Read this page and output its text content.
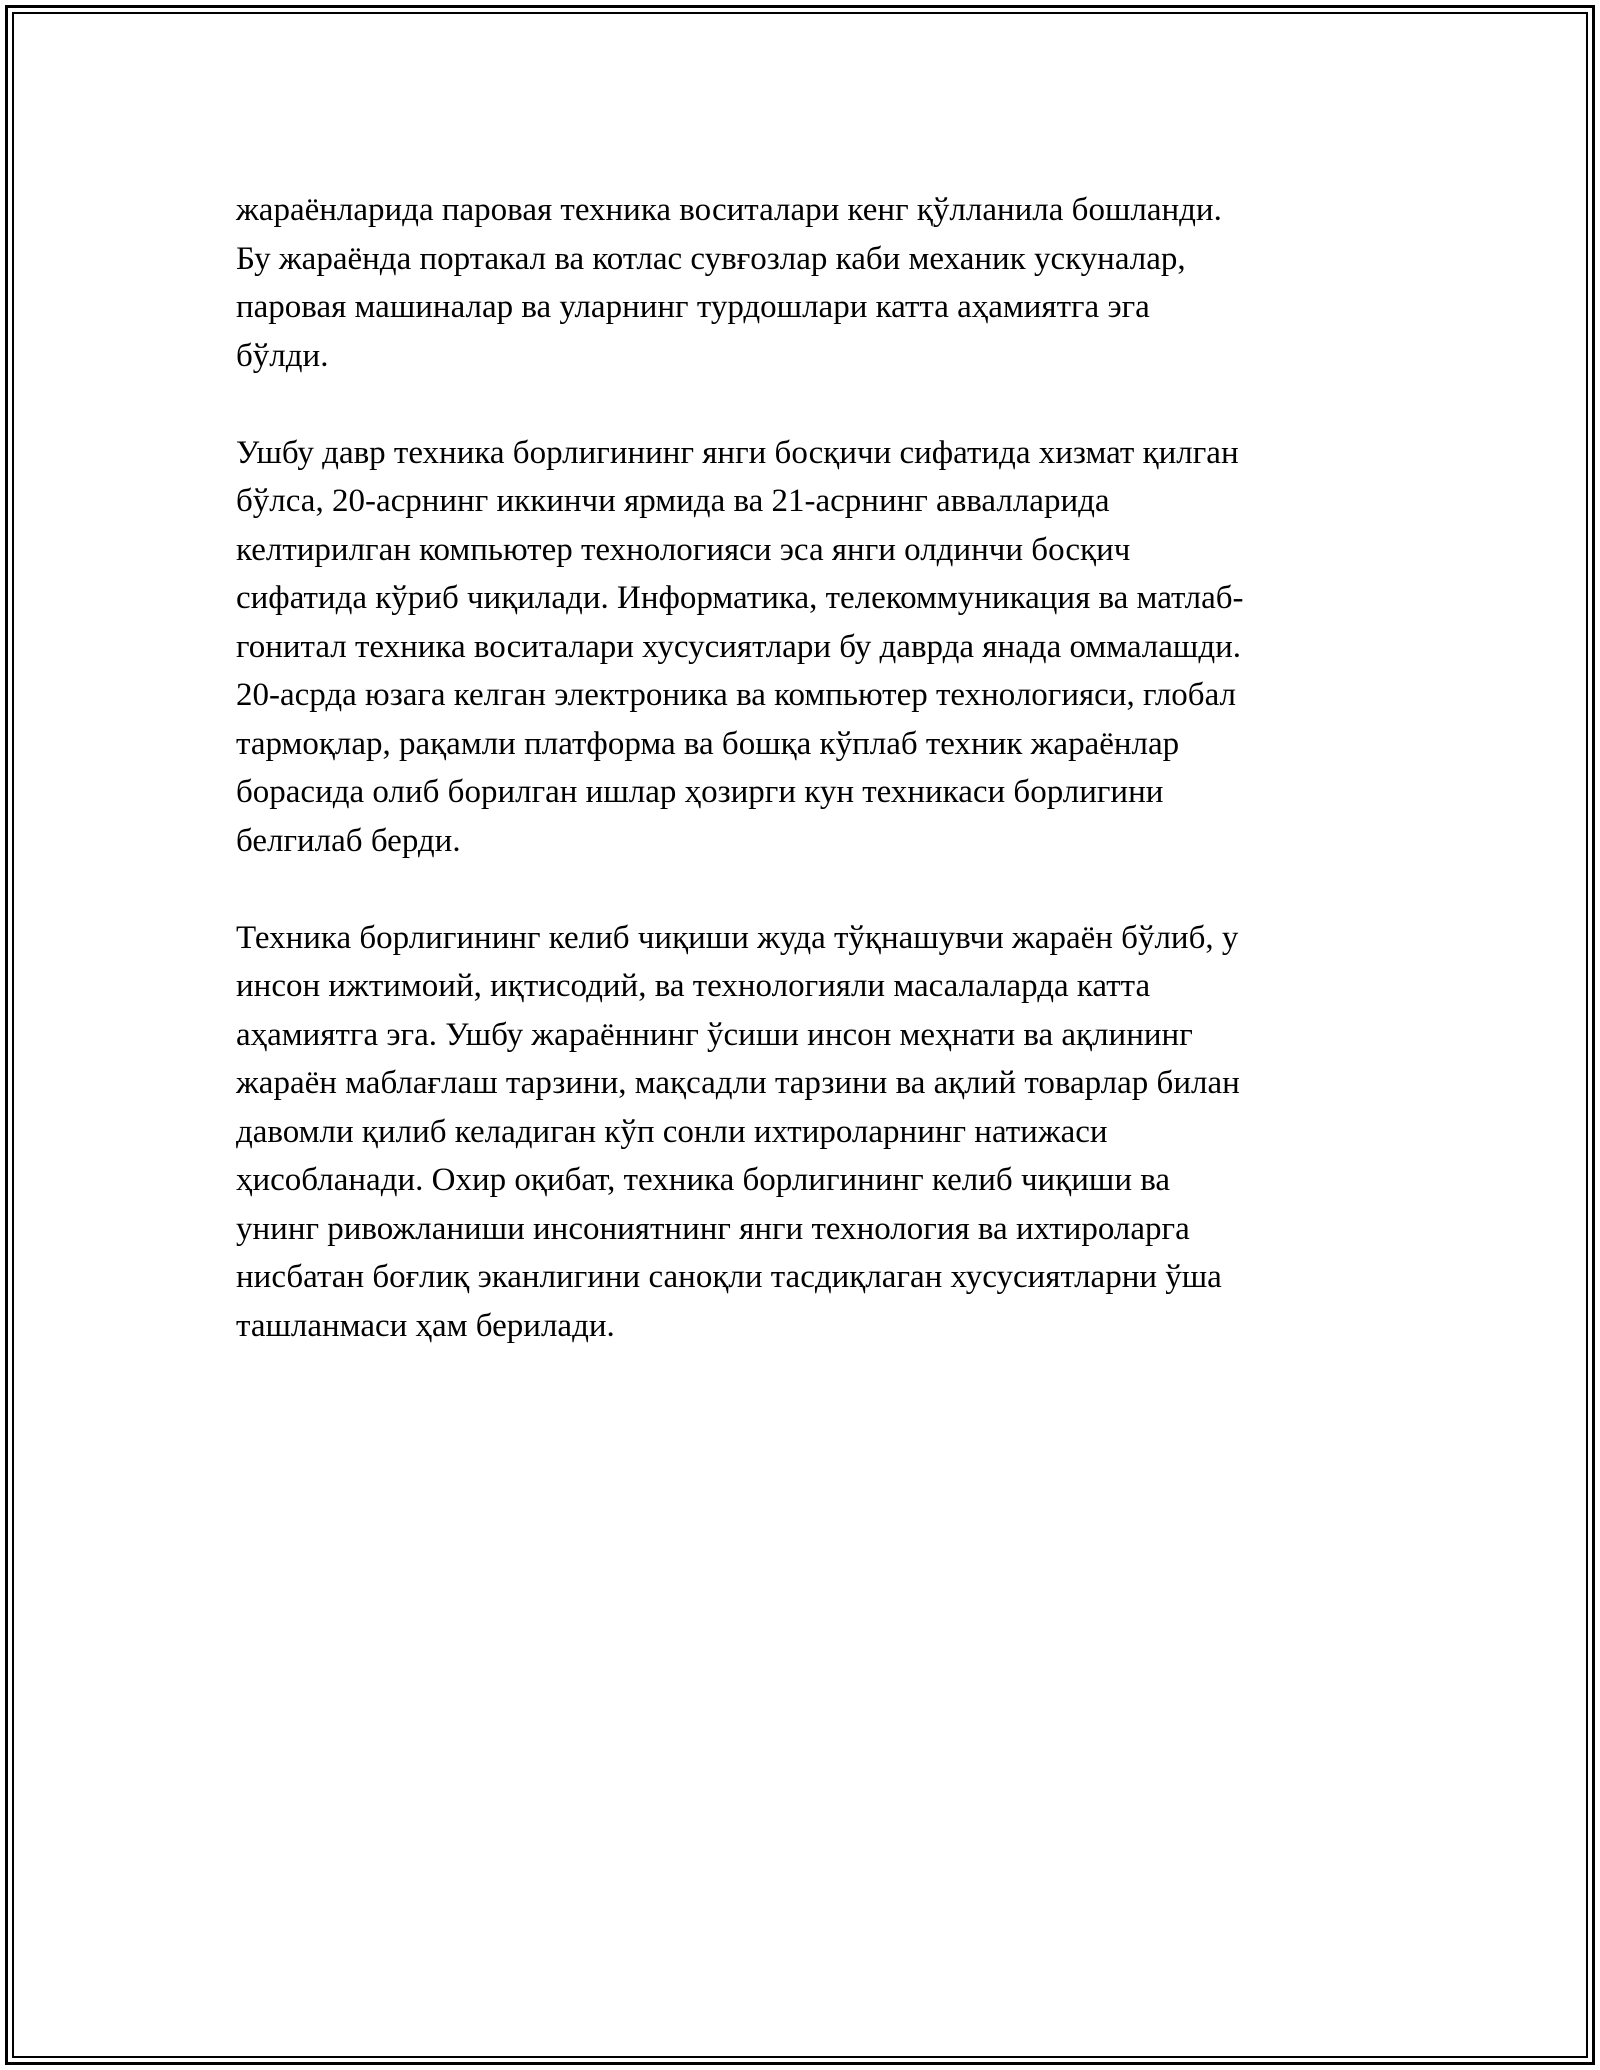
жараёнларида паровая техника воситалари кенг қўлланила бошланди.
Бу жараёнда портакал ва котлас сувғозлар каби механик ускуналар,
паровая машиналар ва уларнинг турдошлари катта аҳамиятга эга
бўлди.

Ушбу давр техника борлигининг янги босқичи сифатида хизмат қилган
бўлса, 20-асрнинг иккинчи ярмида ва 21-асрнинг аввалларида
келтирилган компьютер технологияси эса янги олдинчи босқич
сифатида кўриб чиқилади. Информатика, телекоммуникация ва матлаб-
гонитал техника воситалари хусусиятлари бу даврда янада оммалашди.
20-асрда юзага келган электроника ва компьютер технологияси, глобал
тармоқлар, рақамли платформа ва бошқа кўплаб техник жараёнлар
борасида олиб борилган ишлар ҳозирги кун техникаси борлигини
белгилаб берди.

Техника борлигининг келиб чиқиши жуда тўқнашувчи жараён бўлиб, у
инсон ижтимоий, иқтисодий, ва технологияли масалаларда катта
аҳамиятга эга. Ушбу жараённинг ўсиши инсон меҳнати ва ақлининг
жараён маблағлаш тарзини, мақсадли тарзини ва ақлий товарлар билан
давомли қилиб келадиган кўп сонли ихтироларнинг натижаси
ҳисобланади. Охир оқибат, техника борлигининг келиб чиқиши ва
унинг ривожланиши инсониятнинг янги технология ва ихтироларга
нисбатан боғлиқ эканлигини саноқли тасдиқлаган хусусиятларни ўша
ташланмаси ҳам берилади.
